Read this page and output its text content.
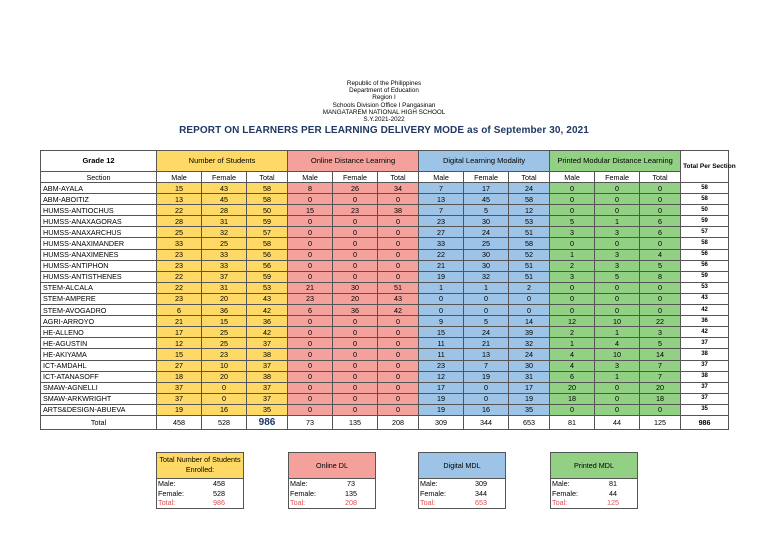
Republic of the Philippines
Department of Education
Region I
Schools Division Office I Pangasinan
MANGATAREM NATIONAL HIGH SCHOOL
S.Y.2021-2022
REPORT ON LEARNERS PER LEARNING DELIVERY MODE as of September 30, 2021
Grade 12	Number of Students			Online Distance Learning			Digital Learning Modality			Printed Modular Distance Learning			Total Per Section
Section	Male	Female	Total	Male	Female	Total	Male	Female	Total	Male	Female	Total	
ABM-AYALA	15	43	58	8	26	34	7	17	24	0	0	0	58
ABM-ABOITIZ	13	45	58	0	0	0	13	45	58	0	0	0	58
HUMSS-ANTIOCHUS	22	28	50	15	23	38	7	5	12	0	0	0	50
HUMSS-ANAXAGORAS	28	31	59	0	0	0	23	30	53	5	1	6	59
HUMSS-ANAXARCHUS	25	32	57	0	0	0	27	24	51	3	3	6	57
HUMSS-ANAXIMANDER	33	25	58	0	0	0	33	25	58	0	0	0	58
HUMSS-ANAXIMENES	23	33	56	0	0	0	22	30	52	1	3	4	56
HUMSS-ANTIPHON	23	33	56	0	0	0	21	30	51	2	3	5	56
HUMSS-ANTISTHENES	22	37	59	0	0	0	19	32	51	3	5	8	59
STEM-ALCALA	22	31	53	21	30	51	1	1	2	0	0	0	53
STEM-AMPERE	23	20	43	23	20	43	0	0	0	0	0	0	43
STEM-AVOGADRO	6	36	42	6	36	42	0	0	0	0	0	0	42
AGRI-ARROYO	21	15	36	0	0	0	9	5	14	12	10	22	36
HE-ALLENO	17	25	42	0	0	0	15	24	39	2	1	3	42
HE-AGUSTIN	12	25	37	0	0	0	11	21	32	1	4	5	37
HE-AKIYAMA	15	23	38	0	0	0	11	13	24	4	10	14	38
ICT-AMDAHL	27	10	37	0	0	0	23	7	30	4	3	7	37
ICT-ATANASOFF	18	20	38	0	0	0	12	19	31	6	1	7	38
SMAW-AGNELLI	37	0	37	0	0	0	17	0	17	20	0	20	37
SMAW-ARKWRIGHT	37	0	37	0	0	0	19	0	19	18	0	18	37
ARTS&DESIGN-ABUEVA	19	16	35	0	0	0	19	16	35	0	0	0	35
Total	458	528	986	73	135	208	309	344	653	81	44	125	986
Total Number of Students Enrolled:
Male:	458
Female:	528
Total:	986
Online DL
Male:	73
Female:	135
Toal:	208
Digital MDL
Male:	309
Female:	344
Toal:	653
Printed MDL
Male:	81
Female:	44
Toal:	125
